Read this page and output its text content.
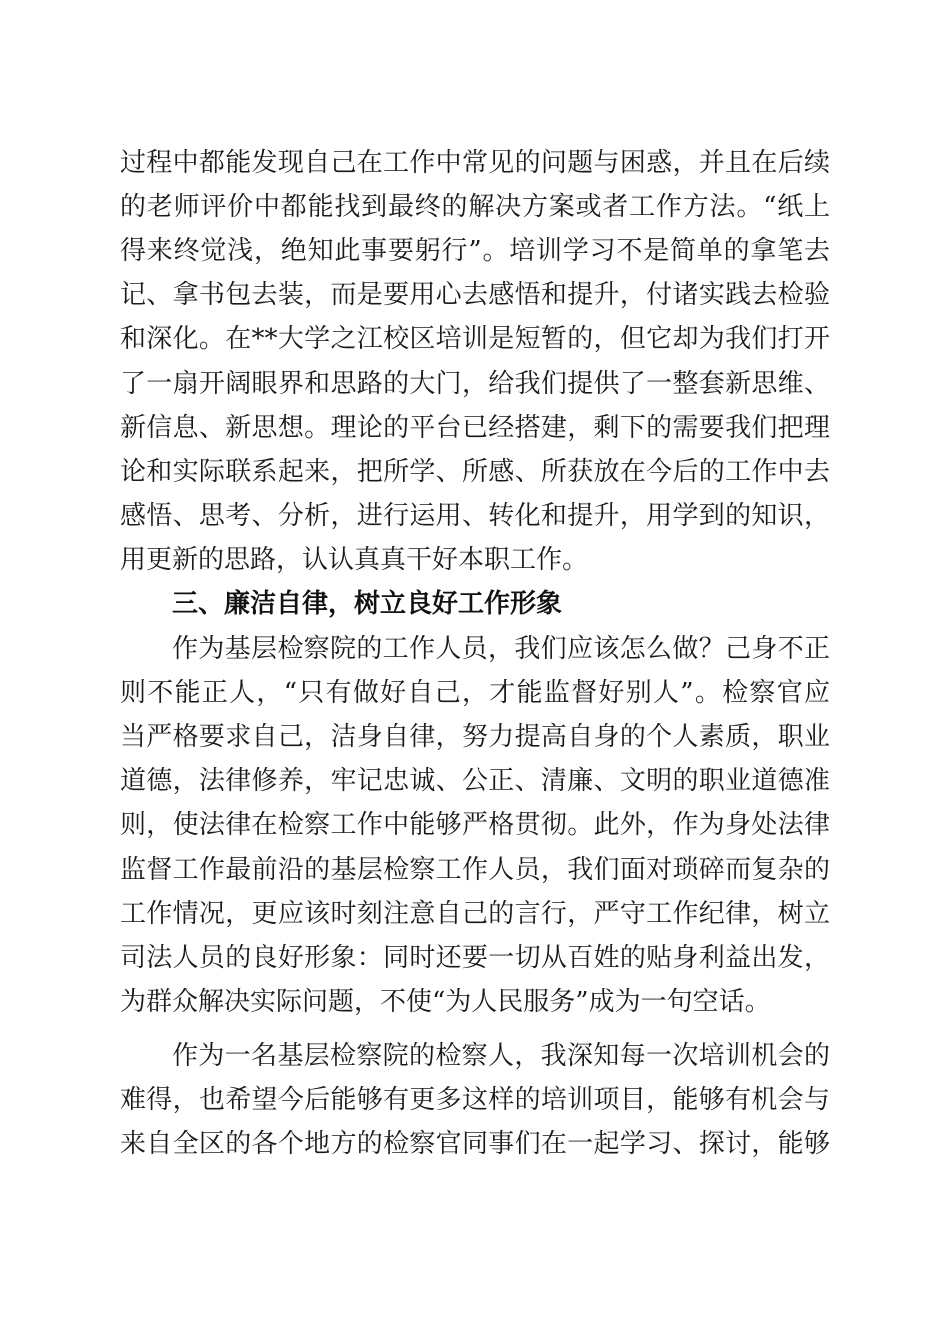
过程中都能发现自己在工作中常见的问题与困惑，并且在后续
的老师评价中都能找到最终的解决方案或者工作方法。“纸上
得来终觉浅，绝知此事要躬行”。培训学习不是简单的拿笔去
记、拿书包去装，而是要用心去感悟和提升，付诸实践去检验
和深化。在**大学之江校区培训是短暂的，但它却为我们打开
了一扇开阔眼界和思路的大门，给我们提供了一整套新思维、
新信息、新思想。理论的平台已经搭建，剩下的需要我们把理
论和实际联系起来，把所学、所感、所获放在今后的工作中去
感悟、思考、分析，进行运用、转化和提升，用学到的知识，
用更新的思路，认认真真干好本职工作。
三、廉洁自律，树立良好工作形象
作为基层检察院的工作人员，我们应该怎么做？己身不正
则不能正人，“只有做好自己，才能监督好别人”。检察官应
当严格要求自己，洁身自律，努力提高自身的个人素质，职业
道德，法律修养，牢记忠诚、公正、清廉、文明的职业道德准
则，使法律在检察工作中能够严格贯彻。此外，作为身处法律
监督工作最前沿的基层检察工作人员，我们面对琐碎而复杂的
工作情况，更应该时刻注意自己的言行，严守工作纪律，树立
司法人员的良好形象：同时还要一切从百姓的贴身利益出发，
为群众解决实际问题，不使“为人民服务”成为一句空话。
作为一名基层检察院的检察人，我深知每一次培训机会的
难得，也希望今后能够有更多这样的培训项目，能够有机会与
来自全区的各个地方的检察官同事们在一起学习、探讨，能够
